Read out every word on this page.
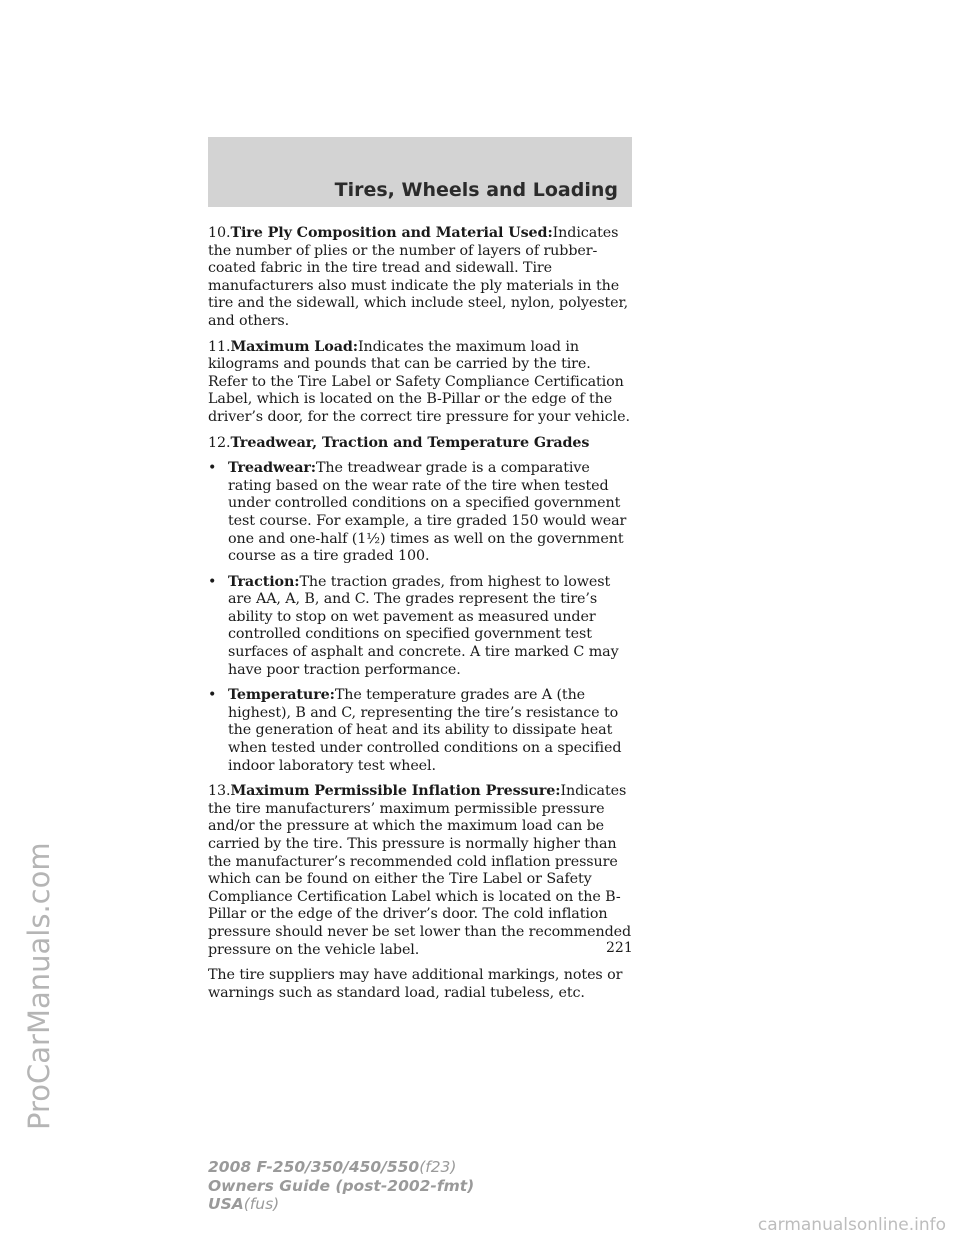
Tires, Wheels and Loading

10.Tire Ply Composition and Material Used:Indicates the number of plies or the number of layers of rubber-coated fabric in the tire tread and sidewall. Tire manufacturers also must indicate the ply materials in the tire and the sidewall, which include steel, nylon, polyester, and others.

11.Maximum Load:Indicates the maximum load in kilograms and pounds that can be carried by the tire. Refer to the Tire Label or Safety Compliance Certification Label, which is located on the B-Pillar or the edge of the driver’s door, for the correct tire pressure for your vehicle.

12.Treadwear, Traction and Temperature Grades

• Treadwear:The treadwear grade is a comparative rating based on the wear rate of the tire when tested under controlled conditions on a specified government test course. For example, a tire graded 150 would wear one and one-half (1½) times as well on the government course as a tire graded 100.
• Traction:The traction grades, from highest to lowest are AA, A, B, and C. The grades represent the tire’s ability to stop on wet pavement as measured under controlled conditions on specified government test surfaces of asphalt and concrete. A tire marked C may have poor traction performance.
• Temperature:The temperature grades are A (the highest), B and C, representing the tire’s resistance to the generation of heat and its ability to dissipate heat when tested under controlled conditions on a specified indoor laboratory test wheel.

13.Maximum Permissible Inflation Pressure:Indicates the tire manufacturers’ maximum permissible pressure and/or the pressure at which the maximum load can be carried by the tire. This pressure is normally higher than the manufacturer’s recommended cold inflation pressure which can be found on either the Tire Label or Safety Compliance Certification Label which is located on the B-Pillar or the edge of the driver’s door. The cold inflation pressure should never be set lower than the recommended pressure on the vehicle label.

The tire suppliers may have additional markings, notes or warnings such as standard load, radial tubeless, etc.

221
2008 F-250/350/450/550(f23)
Owners Guide (post-2002-fmt)
USA(fus)
ProCarManuals.com
carmanualsonline.info
